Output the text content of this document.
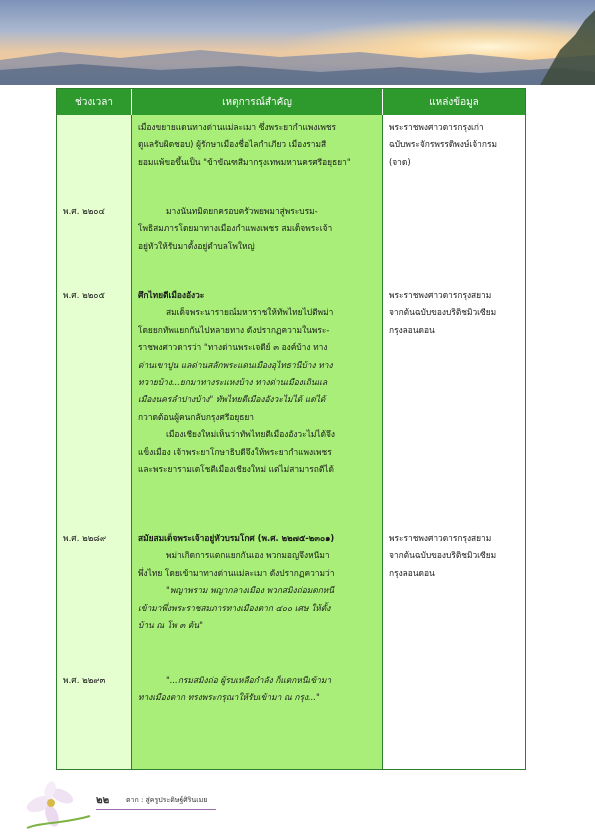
ช่วงเวลา	เหตุการณ์สำคัญ	แหล่งข้อมูล
พ.ศ. ๒๒๐๔
พ.ศ. ๒๒๐๕
พ.ศ. ๒๒๘๙
พ.ศ. ๒๒๙๓

เมืองขยายแดนทางด่านแม่ละเมา ซึ่งพระยากำแพงเพชร

ดูแลรับผิดชอบ) ผู้รักษาเมืองชื่อไลกำเภียว เมืองรามสี

ยอมแพ้ขอขึ้นเป็น "ข้าขัณฑสีมากรุงเทพมหานครศรีอยุธยา"

มางนันทมิตยกครอบครัวพยพมาสู่พระบรม-

โพธิสมภารโดยมาทางเมืองกำแพงเพชร สมเด็จพระเจ้า

อยู่หัวให้รับมาตั้งอยู่ตำบลโพใหญ่

ศึกไทยตีเมืองอังวะ

สมเด็จพระนารายณ์มหาราชให้ทัพไทยไปตีพม่า

โดยยกทัพแยกกันไปหลายทาง ดังปรากฏความในพระ-

ราชพงศาวดารว่า "ทางด่านพระเจดีย์ ๓ องค์บ้าง ทาง

ด่านเขาปูน แลด่านสลักพระแดนเมืองอุไทธานีบ้าง ทาง

ทวายบ้าง...ยกมาทางระแหงบ้าง ทางด่านเมืองเถินแล

เมืองนครลำปางบ้าง" ทัพไทยตีเมืองอังวะไม่ได้ แต่ได้

กวาดต้อนผู้คนกลับกรุงศรีอยุธยา

เมืองเชียงใหม่เห็นว่าทัพไทยตีเมืองอังวะไม่ได้จึง

แข็งเมือง เจ้าพระยาโกษาธิบดีจึงให้พระยากำแพงเพชร

และพระยารามเดโชตีเมืองเชียงใหม่ แต่ไม่สามารถตีได้

สมัยสมเด็จพระเจ้าอยู่หัวบรมโกศ (พ.ศ. ๒๒๗๕-๒๓๐๑)

พม่าเกิดการแตกแยกกันเอง พวกมอญจึงหนีมา

พึ่งไทย โดยเข้ามาทางด่านแม่ละเมา ดังปรากฏความว่า

"พญาพราม พญากลางเมือง พวกสมิงถ่อมตกหนี

เข้ามาพึ่งพระราชสมภารทางเมืองตาก ๔๐๐ เศษ ให้ตั้ง

บ้าน ณ โพ ๓ ต้น"

"...กรมสมิงถ่อ ผู้รบเหลือกำลัง ก็แตกหนีเข้ามา

ทางเมืองตาก ทรงพระกรุณาให้รับเข้ามา ณ กรุง..."

พระราชพงศาวดารกรุงเก่า
ฉบับพระจักรพรรดิพงษ์เจ้ากรม
(จาด)
พระราชพงศาวดารกรุงสยาม
จากต้นฉบับของบริติชมิวเซียม
กรุงลอนดอน
พระราชพงศาวดารกรุงสยาม
จากต้นฉบับของบริติชมิวเซียม
กรุงลอนดอน
๒๒ ตาก : สู่ครูประดิษฐ์ศิรินเมย
